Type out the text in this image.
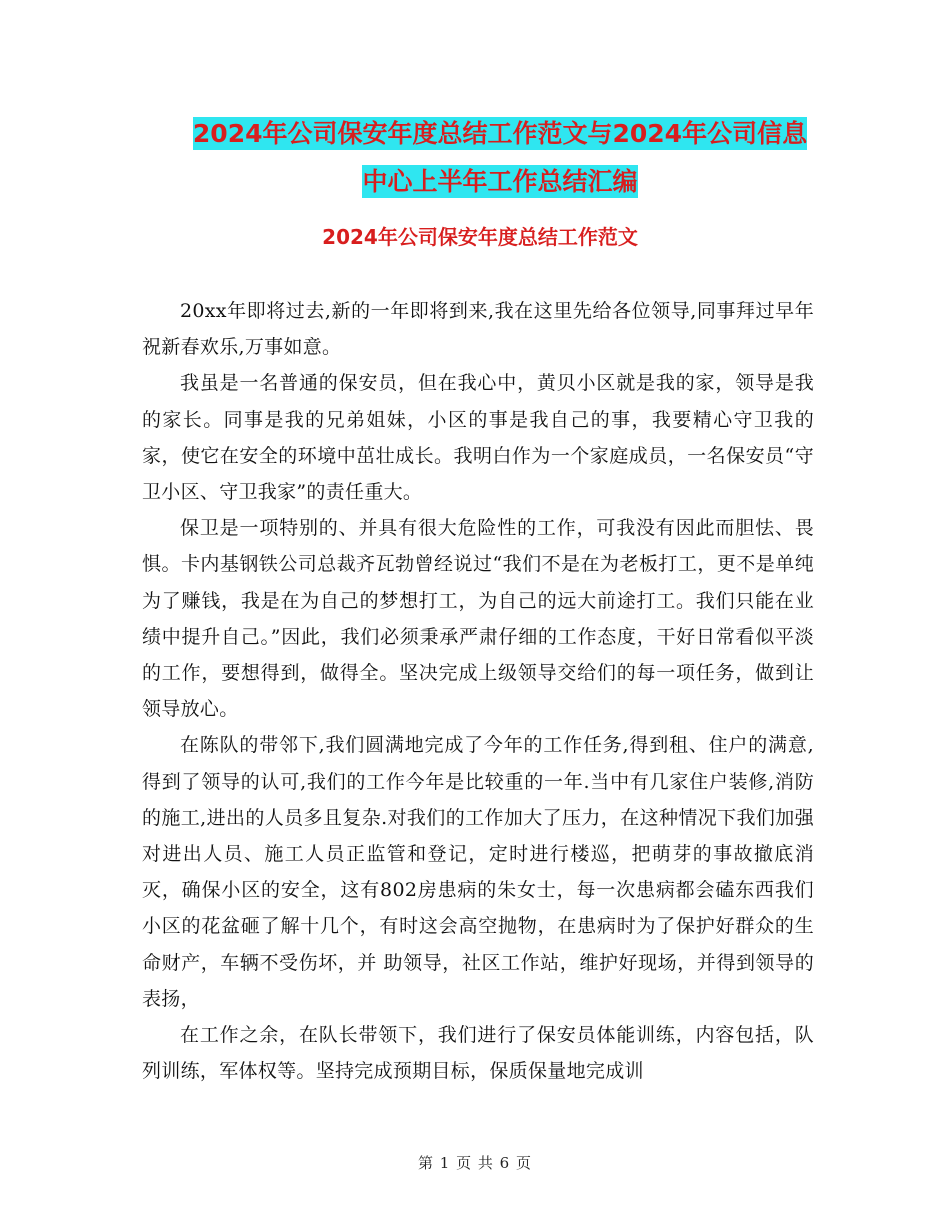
2024年公司保安年度总结工作范文与2024年公司信息
中心上半年工作总结汇编
2024年公司保安年度总结工作范文

20xx年即将过去,新的一年即将到来,我在这里先给各位领导,同事拜过早年祝新春欢乐,万事如意。

我虽是一名普通的保安员，但在我心中，黄贝小区就是我的家，领导是我的家长。同事是我的兄弟姐妹，小区的事是我自己的事，我要精心守卫我的家，使它在安全的环境中茁壮成长。我明白作为一个家庭成员，一名保安员“守卫小区、守卫我家”的责任重大。

保卫是一项特别的、并具有很大危险性的工作，可我没有因此而胆怯、畏惧。卡内基钢铁公司总裁齐瓦勃曾经说过“我们不是在为老板打工，更不是单纯为了赚钱，我是在为自己的梦想打工，为自己的远大前途打工。我们只能在业绩中提升自己。”因此，我们必须秉承严肃仔细的工作态度，干好日常看似平淡的工作，要想得到，做得全。坚决完成上级领导交给们的每一项任务，做到让领导放心。

在陈队的带邻下,我们圆满地完成了今年的工作任务,得到租、住户的满意,得到了领导的认可,我们的工作今年是比较重的一年.当中有几家住户装修,消防的施工,进出的人员多且复杂.对我们的工作加大了压力，在这种情况下我们加强对进出人员、施工人员正监管和登记，定时进行楼巡，把萌芽的事故撤底消灭，确保小区的安全，这有802房患病的朱女士，每一次患病都会磕东西我们小区的花盆砸了解十几个，有时这会高空抛物，在患病时为了保护好群众的生命财产，车辆不受伤坏，并 助领导，社区工作站，维护好现场，并得到领导的表扬，

在工作之余，在队长带领下，我们进行了保安员体能训练，内容包括，队列训练，军体权等。坚持完成预期目标，保质保量地完成训

第 1 页 共 6 页
